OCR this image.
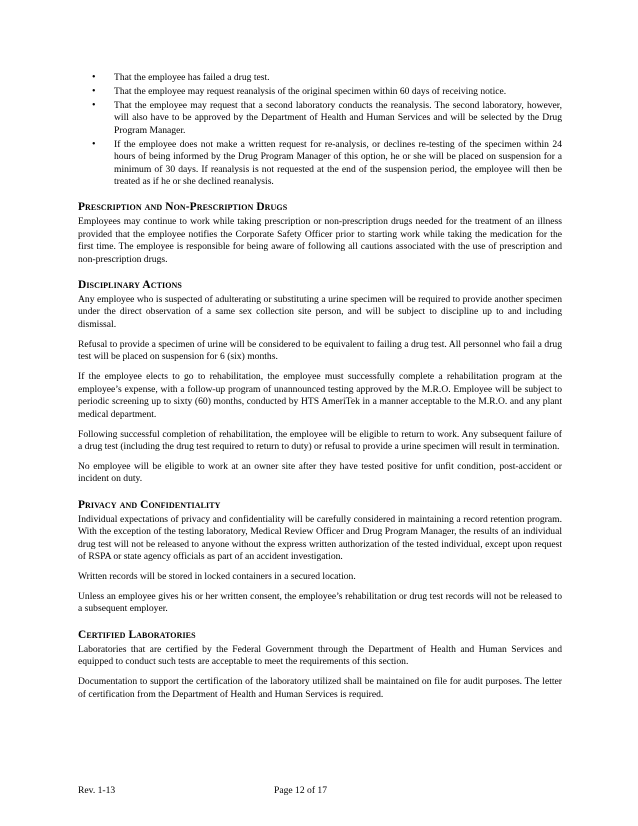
• That the employee has failed a drug test.
• That the employee may request reanalysis of the original specimen within 60 days of receiving notice.
• That the employee may request that a second laboratory conducts the reanalysis. The second laboratory, however, will also have to be approved by the Department of Health and Human Services and will be selected by the Drug Program Manager.
• If the employee does not make a written request for re-analysis, or declines re-testing of the specimen within 24 hours of being informed by the Drug Program Manager of this option, he or she will be placed on suspension for a minimum of 30 days. If reanalysis is not requested at the end of the suspension period, the employee will then be treated as if he or she declined reanalysis.
Prescription and Non-Prescription Drugs

Employees may continue to work while taking prescription or non-prescription drugs needed for the treatment of an illness provided that the employee notifies the Corporate Safety Officer prior to starting work while taking the medication for the first time. The employee is responsible for being aware of following all cautions associated with the use of prescription and non-prescription drugs.

Disciplinary Actions

Any employee who is suspected of adulterating or substituting a urine specimen will be required to provide another specimen under the direct observation of a same sex collection site person, and will be subject to discipline up to and including dismissal.

Refusal to provide a specimen of urine will be considered to be equivalent to failing a drug test. All personnel who fail a drug test will be placed on suspension for 6 (six) months.

If the employee elects to go to rehabilitation, the employee must successfully complete a rehabilitation program at the employee’s expense, with a follow-up program of unannounced testing approved by the M.R.O. Employee will be subject to periodic screening up to sixty (60) months, conducted by HTS AmeriTek in a manner acceptable to the M.R.O. and any plant medical department.

Following successful completion of rehabilitation, the employee will be eligible to return to work. Any subsequent failure of a drug test (including the drug test required to return to duty) or refusal to provide a urine specimen will result in termination.

No employee will be eligible to work at an owner site after they have tested positive for unfit condition, post-accident or incident on duty.

Privacy and Confidentiality

Individual expectations of privacy and confidentiality will be carefully considered in maintaining a record retention program. With the exception of the testing laboratory, Medical Review Officer and Drug Program Manager, the results of an individual drug test will not be released to anyone without the express written authorization of the tested individual, except upon request of RSPA or state agency officials as part of an accident investigation.

Written records will be stored in locked containers in a secured location.

Unless an employee gives his or her written consent, the employee’s rehabilitation or drug test records will not be released to a subsequent employer.

Certified Laboratories

Laboratories that are certified by the Federal Government through the Department of Health and Human Services and equipped to conduct such tests are acceptable to meet the requirements of this section.

Documentation to support the certification of the laboratory utilized shall be maintained on file for audit purposes. The letter of certification from the Department of Health and Human Services is required.

Rev. 1-13	Page 12 of 17
